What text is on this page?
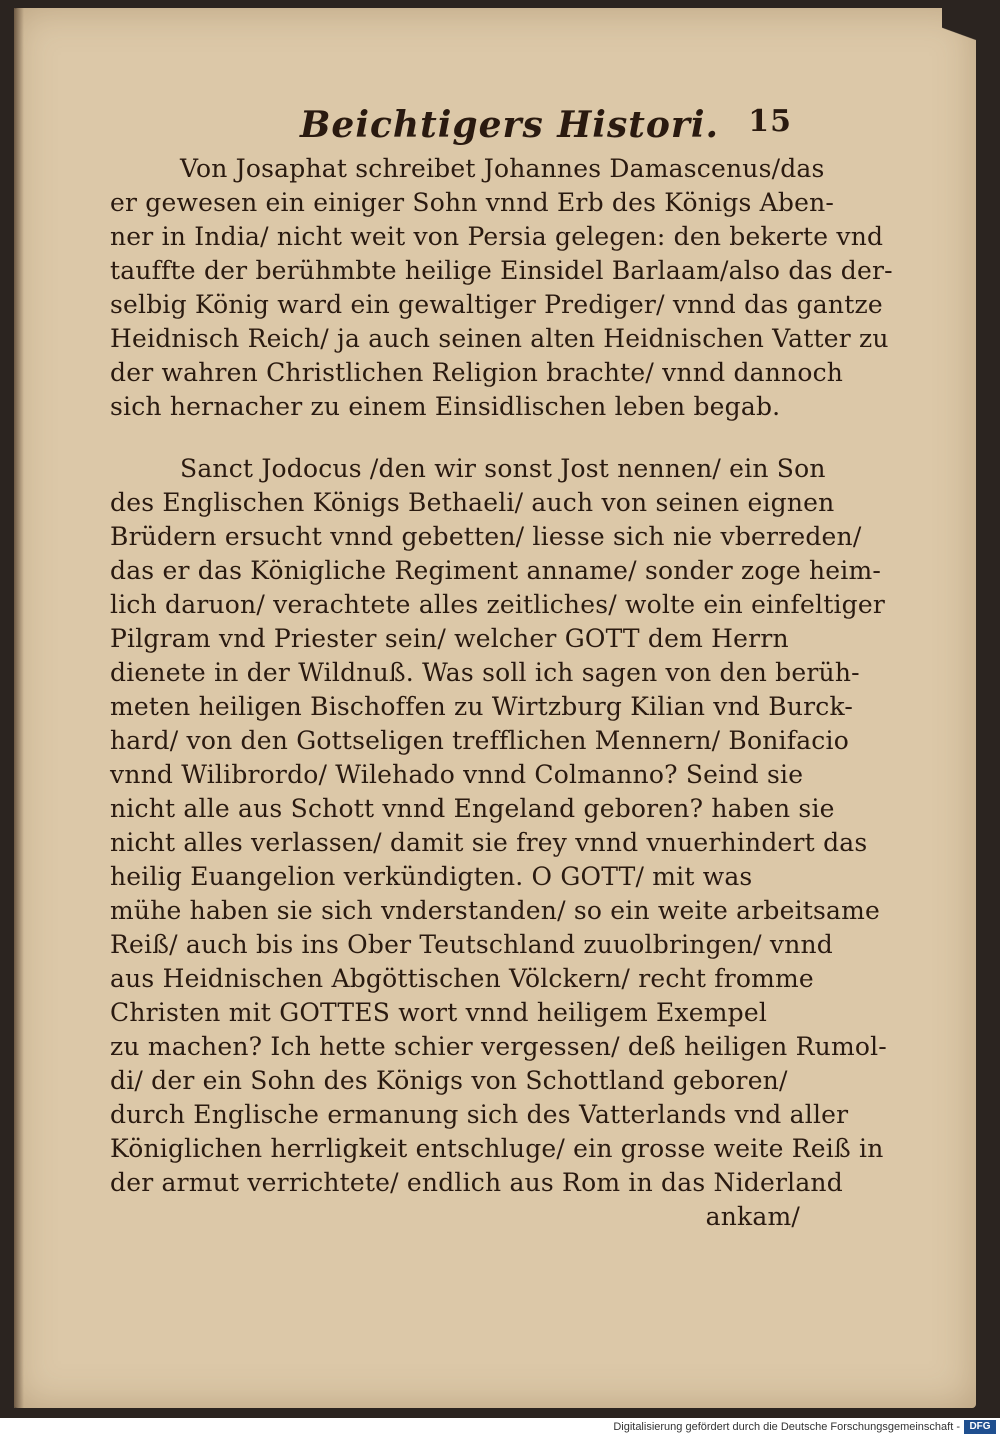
Beichtigers Histori. 15
Von Josaphat schreibet Johannes Damascenus/das
er gewesen ein einiger Sohn vnnd Erb des Königs Aben-
ner in India/ nicht weit von Persia gelegen: den bekerte vnd
tauffte der berühmbte heilige Einsidel Barlaam/also das der-
selbig König ward ein gewaltiger Prediger/ vnnd das gantze
Heidnisch Reich/ ja auch seinen alten Heidnischen Vatter zu
der wahren Christlichen Religion brachte/ vnnd dannoch
sich hernacher zu einem Einsidlischen leben begab.
Sanct Jodocus /den wir sonst Jost nennen/ ein Son
des Englischen Königs Bethaeli/ auch von seinen eignen
Brüdern ersucht vnnd gebetten/ liesse sich nie vberreden/
das er das Königliche Regiment anname/ sonder zoge heim-
lich daruon/ verachtete alles zeitliches/ wolte ein einfeltiger
Pilgram vnd Priester sein/ welcher GOTT dem Herrn
dienete in der Wildnuß. Was soll ich sagen von den berüh-
meten heiligen Bischoffen zu Wirtzburg Kilian vnd Burck-
hard/ von den Gottseligen trefflichen Mennern/ Bonifacio
vnnd Wilibrordo/ Wilehado vnnd Colmanno? Seind sie
nicht alle aus Schott vnnd Engeland geboren? haben sie
nicht alles verlassen/ damit sie frey vnnd vnuerhindert das
heilig Euangelion verkündigten. O GOTT/ mit was
mühe haben sie sich vnderstanden/ so ein weite arbeitsame
Reiß/ auch bis ins Ober Teutschland zuuolbringen/ vnnd
aus Heidnischen Abgöttischen Völckern/ recht fromme
Christen mit GOTTES wort vnnd heiligem Exempel
zu machen? Ich hette schier vergessen/ deß heiligen Rumol-
di/ der ein Sohn des Königs von Schottland geboren/
durch Englische ermanung sich des Vatterlands vnd aller
Königlichen herrligkeit entschluge/ ein grosse weite Reiß in
der armut verrichtete/ endlich aus Rom in das Niderland
ankam/
Digitalisierung gefördert durch die Deutsche Forschungsgemeinschaft - DFG
